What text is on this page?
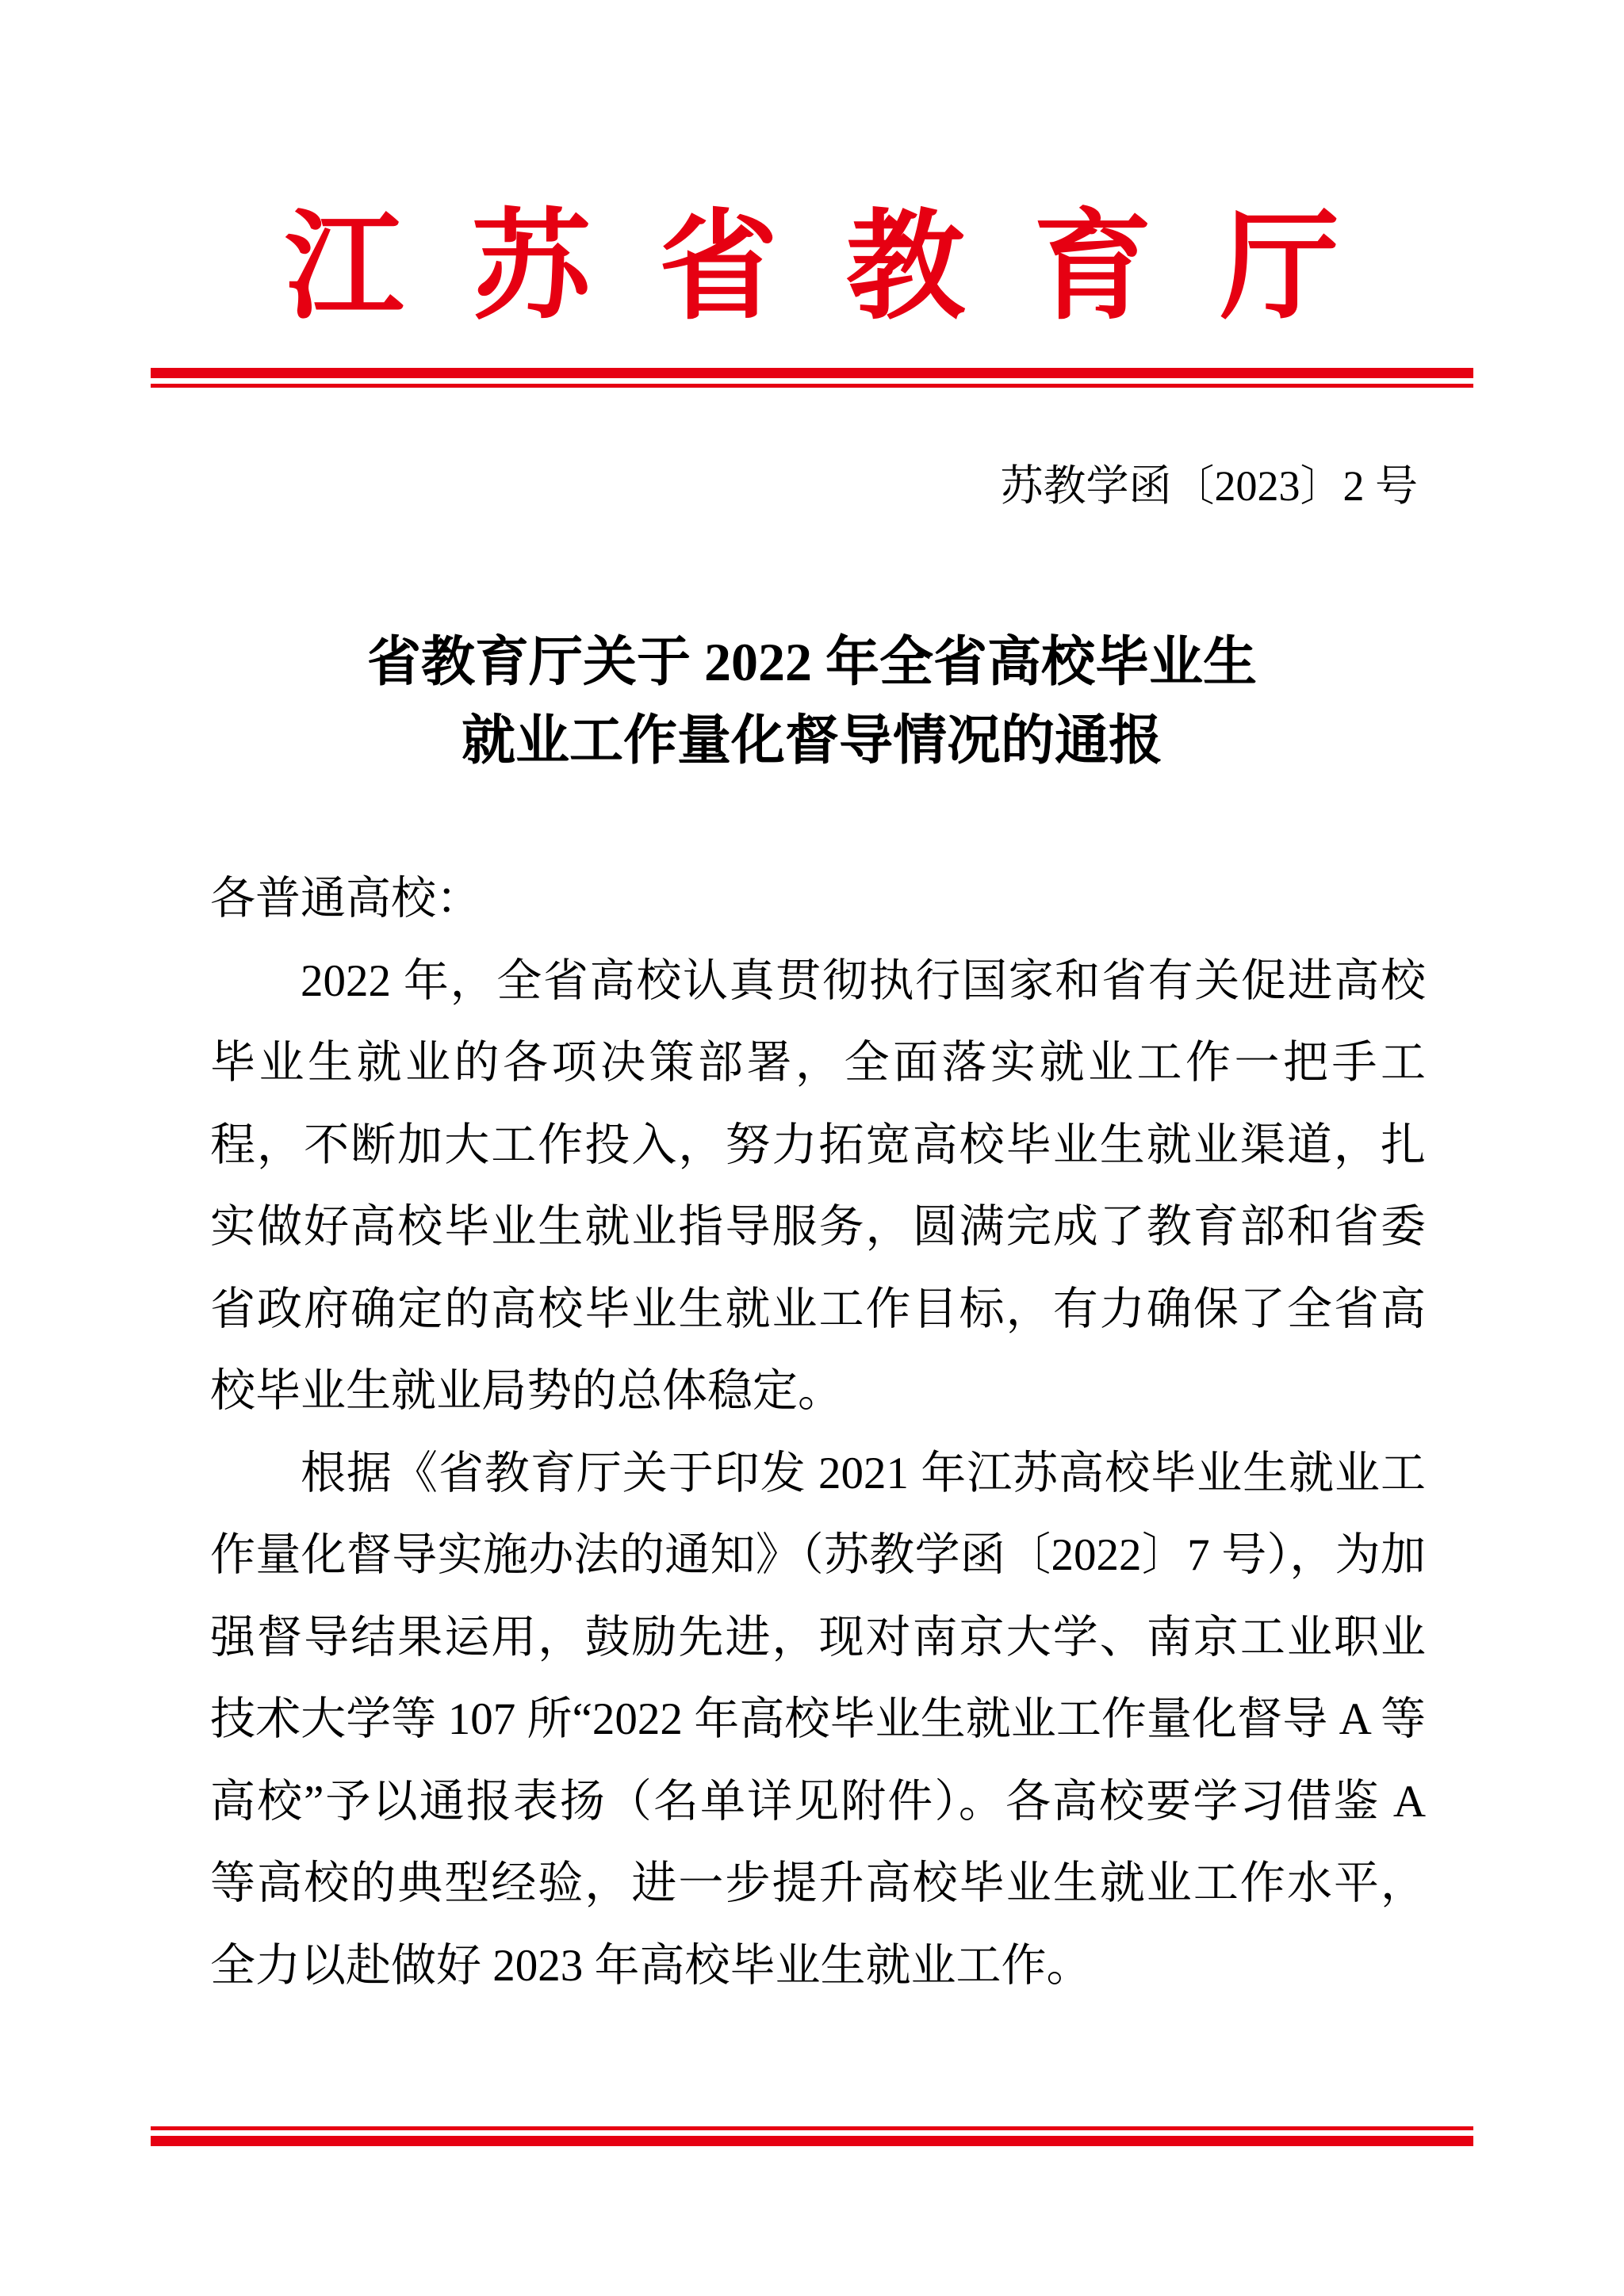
江苏省教育厅
苏教学函〔2023〕2 号
省教育厅关于 2022 年全省高校毕业生
就业工作量化督导情况的通报

各普通高校：

2022 年，全省高校认真贯彻执行国家和省有关促进高校毕业生就业的各项决策部署，全面落实就业工作一把手工程，不断加大工作投入，努力拓宽高校毕业生就业渠道，扎实做好高校毕业生就业指导服务，圆满完成了教育部和省委省政府确定的高校毕业生就业工作目标，有力确保了全省高校毕业生就业局势的总体稳定。

根据《省教育厅关于印发 2021 年江苏高校毕业生就业工作量化督导实施办法的通知》（苏教学函〔2022〕7 号），为加强督导结果运用，鼓励先进，现对南京大学、南京工业职业技术大学等 107 所“2022 年高校毕业生就业工作量化督导 A 等高校”予以通报表扬（名单详见附件）。各高校要学习借鉴 A 等高校的典型经验，进一步提升高校毕业生就业工作水平，全力以赴做好 2023 年高校毕业生就业工作。
